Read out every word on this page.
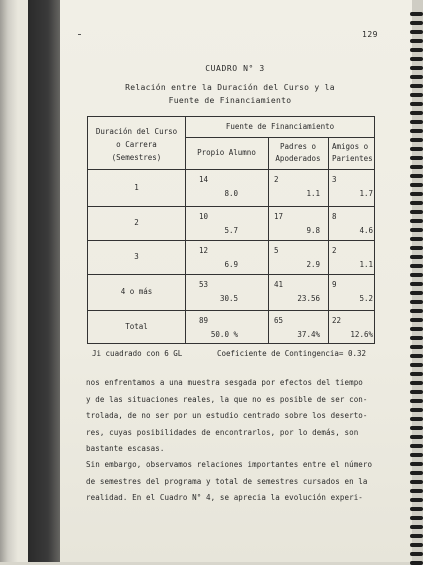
129
CUADRO N° 3
Relación entre la Duración del Curso y la
Fuente de Financiamiento
Duración del Curso
o Carrera
(Semestres)
Fuente de Financiamiento
Propio Alumno
Padres o
Apoderados
Amigos o
Parientes
1
14
8.0
2
1.1
3
1.7
2
10
5.7
17
9.8
8
4.6
3
12
6.9
5
2.9
2
1.1
4 o más
53
30.5
41
23.56
9
5.2
Total
89
50.0 %
65
37.4%
22
12.6%
Ji cuadrado con 6 GL	Coeficiente de Contingencia= 0.32
nos enfrentamos a una muestra sesgada por efectos del tiempo
y de las situaciones reales, la que no es posible de ser con-
trolada, de no ser por un estudio centrado sobre los deserto-
res, cuyas posibilidades de encontrarlos, por lo demás, son
bastante escasas.
Sin embargo, observamos relaciones importantes entre el número
de semestres del programa y total de semestres cursados en la
realidad. En el Cuadro N° 4, se aprecia la evolución experi-
